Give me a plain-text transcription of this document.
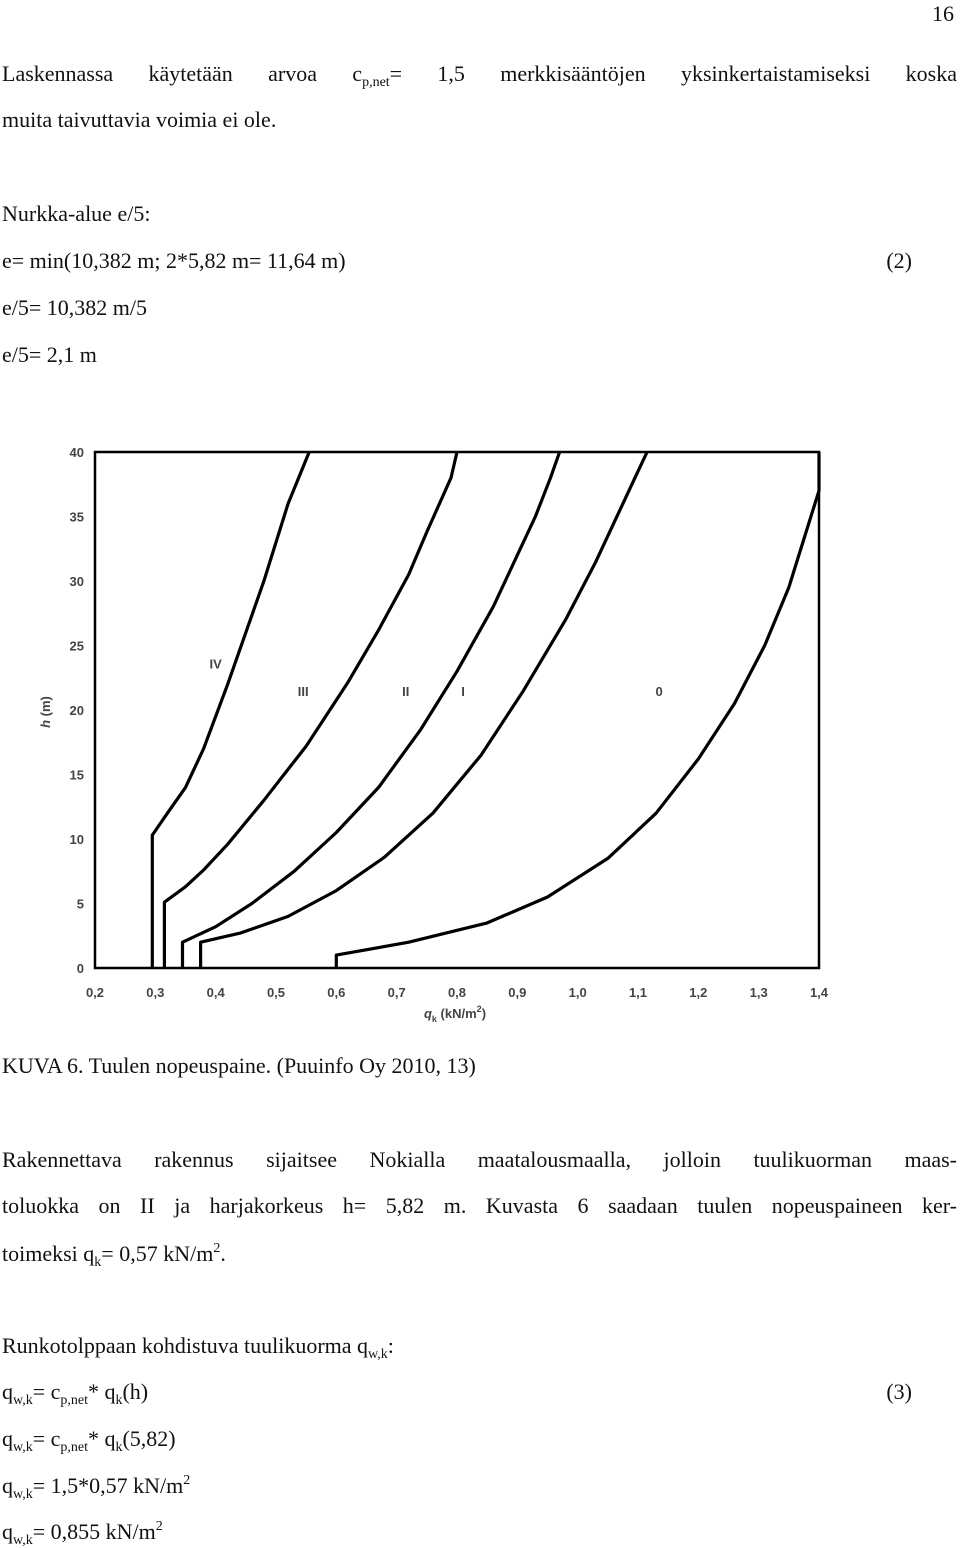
16
Laskennassa käytetään arvoa $c_{p,net}= 1,5$ merkkisääntöjen yksinkertaistamiseksi koska
muita taivuttavia voimia ei ole.
Nurkka-alue e/5:
e= min(10,382 m; 2*5,82 m= 11,64 m)	(2)
e/5= 10,382 m/5
e/5= 2,1 m
0
5
10
15
20
25
30
35
40
0,2	0,3	0,4	0,5	0,6	0,7	0,8	0,9	1,0	1,1	1,2	1,3	1,4
IV
III	II	I	0
h (m)
$q_k$ $(kN/m^2)$
KUVA 6. Tuulen nopeuspaine. (Puuinfo Oy 2010, 13)
Rakennettava rakennus sijaitsee Nokialla maatalousmaalla, jolloin tuulikuorman maas-
toluokka on II ja harjakorkeus h= 5,82 m. Kuvasta 6 saadaan tuulen nopeuspaineen ker-
toimeksi $q_k= 0,57$ $kN/m^2$.
Runkotolppaan kohdistuva tuulikuorma $q_{w,k}$:
$q_{w,k}= c_{p,net}*$ $q_k(h)$	(3)
$q_{w,k}= c_{p,net}*$ $q_k(5,82)$
$q_{w,k}= 1,5*0,57$ $kN/m^2$
$q_{w,k}= 0,855$ $kN/m^2$
